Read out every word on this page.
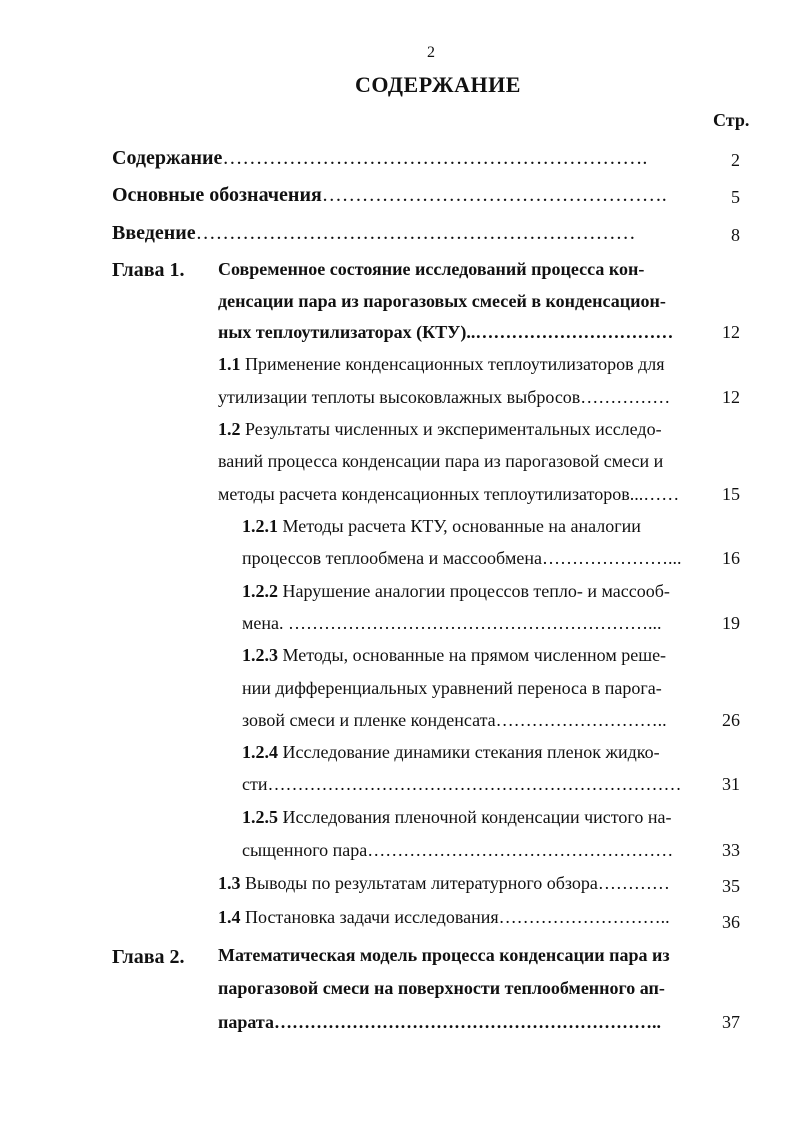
2
СОДЕРЖАНИЕ
Стр.
Содержание……………………………………………………….	2
Основные обозначения…………………………………………….	5
Введение…………………………………………………………	8
Глава 1. Современное состояние исследований процесса кон-
денсации пара из парогазовых смесей в конденсацион-
ных теплоутилизаторах (КТУ)..……………………………	12
1.1 Применение конденсационных теплоутилизаторов для
утилизации теплоты высоковлажных выбросов……………	12
1.2 Результаты численных и экспериментальных исследо-
ваний процесса конденсации пара из парогазовой смеси и
методы расчета конденсационных теплоутилизаторов...……	15
1.2.1 Методы расчета КТУ, основанные на аналогии
процессов теплообмена и массообмена…………………...	16
1.2.2 Нарушение аналогии процессов тепло- и массооб-
мена. ……………………………………………………...	19
1.2.3 Методы, основанные на прямом численном реше-
нии дифференциальных уравнений переноса в парога-
зовой смеси и пленке конденсата………………………..	26
1.2.4 Исследование динамики стекания пленок жидко-
сти……………………………………………………………	31
1.2.5 Исследования пленочной конденсации чистого на-
сыщенного пара……………………………………………	33
1.3 Выводы по результатам литературного обзора…………	35
1.4 Постановка задачи исследования………………………..	36
Глава 2. Математическая модель процесса конденсации пара из
парогазовой смеси на поверхности теплообменного ап-
парата………………………………………………………..	37
